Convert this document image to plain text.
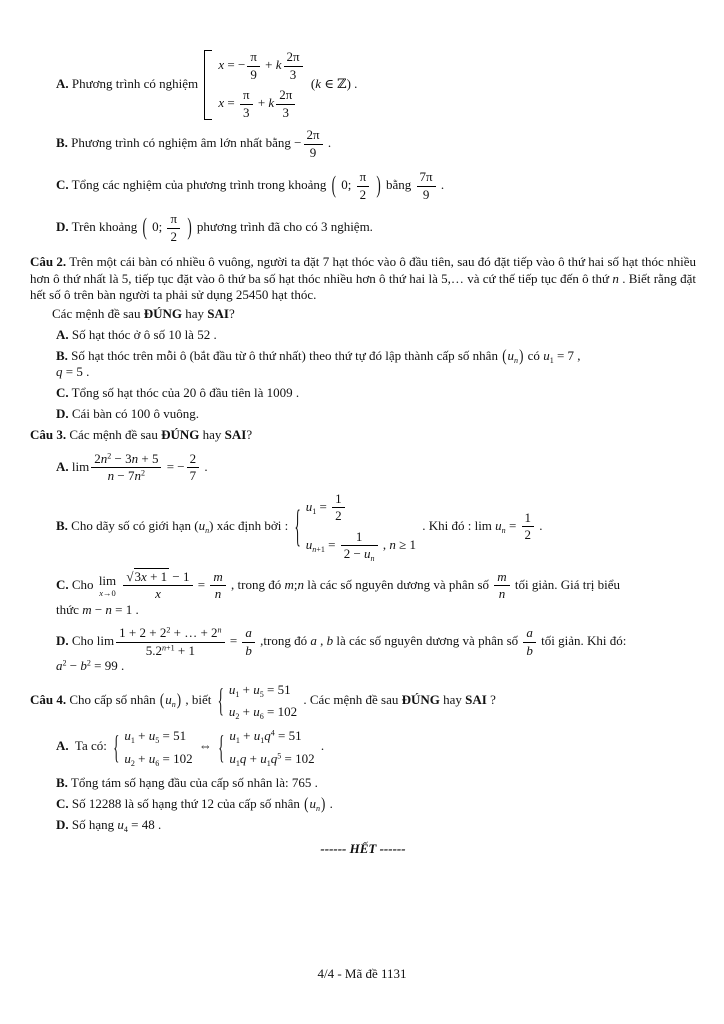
A. Phương trình có nghiệm
x = − $\frac{\pi}{9} + k \frac{2\pi}{3}$
$x = \frac{\pi}{3} + k \frac{2\pi}{3}$
(k ∈ ℤ) .

B. Phương trình có nghiệm âm lớn nhất bằng − $\frac{2\pi}{9}$ .

C. Tổng các nghiệm của phương trình trong khoảng ( 0; $\frac{\pi}{2}$ ) bằng $\frac{7\pi}{9}$ .

D. Trên khoảng ( 0; $\frac{\pi}{2}$ ) phương trình đã cho có 3 nghiệm.

Câu 2. Trên một cái bàn có nhiều ô vuông, người ta đặt 7 hạt thóc vào ô đầu tiên, sau đó đặt tiếp vào ô thứ hai số hạt thóc nhiều hơn ô thứ nhất là 5, tiếp tục đặt vào ô thứ ba số hạt thóc nhiều hơn ô thứ hai là 5,… và cứ thế tiếp tục đến ô thứ n . Biết rằng đặt hết số ô trên bàn người ta phải sử dụng 25450 hạt thóc.

Các mệnh đề sau ĐÚNG hay SAI?

A. Số hạt thóc ở ô số 10 là 52 .

B. Số hạt thóc trên mỗi ô (bắt đầu từ ô thứ nhất) theo thứ tự đó lập thành cấp số nhân $(u_n)$ có $u_1 = 7$ ,
q = 5 .

C. Tổng số hạt thóc của 20 ô đầu tiên là 1009 .

D. Cái bàn có 100 ô vuông.

Câu 3. Các mệnh đề sau ĐÚNG hay SAI?

A. $\lim \frac{2n^2 - 3n + 5}{n - 7n^2}$ = − $\frac{2}{7}$ .

B. Cho dãy số có giới hạn $(u_n)$ xác định bởi : { $u_1 = \frac{1}{2}$
$u_{n+1} = \frac{1}{2 - u_n}$ , n ≥ 1
. Khi đó : $\lim u_n = \frac{1}{2}$ .

C. Cho lim
x→0
$\frac{√3x + 1 - 1}{x} = \frac{m}{n}$ , trong đó m;n là các số nguyên dương và phân số $\frac{m}{n}$ tối giản. Giá trị biểu
thức m − n = 1 .

D. Cho $\lim \frac{1 + 2 + 2^2 + \dots + 2^n}{5.2^{n+1} + 1} = \frac{a}{b}$ ,trong đó a , b là các số nguyên dương và phân số $\frac{a}{b}$ tối giản. Khi đó:
$a^2 - b^2 = 99$ .

Câu 4. Cho cấp số nhân $(u_n)$ , biết { $u_1 + u_5 = 51$
$u_2 + u_6 = 102$
. Các mệnh đề sau ĐÚNG hay SAI ?

A.  Ta có: { $u_1 + u_5 = 51$
$u_2 + u_6 = 102$
⇔ { $u_1 + u_1q^4 = 51$
$u_1q + u_1q^5 = 102$
.

B. Tổng tám số hạng đầu của cấp số nhân là: 765 .

C. Số 12288 là số hạng thứ 12 của cấp số nhân $(u_n)$ .

D. Số hạng $u_4 = 48$ .

------ HẾT ------

4/4 - Mã đề 1131
